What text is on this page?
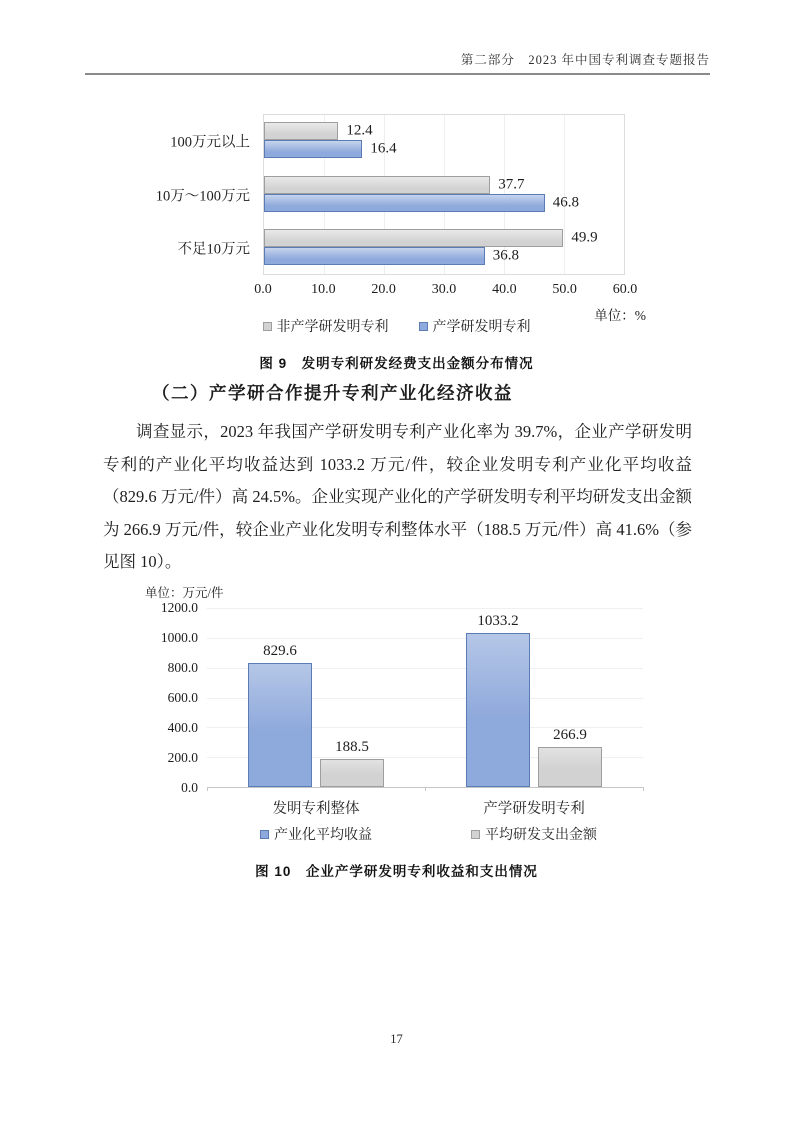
第二部分　2023 年中国专利调查专题报告
100万元以上
10万～100万元
不足10万元
12.4
16.4
37.7
46.8
49.9
36.8
0.0	10.0	20.0	30.0	40.0	50.0	60.0
单位：%
非产学研发明专利	产学研发明专利
图 9　发明专利研发经费支出金额分布情况
（二）产学研合作提升专利产业化经济收益

调查显示，2023 年我国产学研发明专利产业化率为 39.7%，企业产学研发明专利的产业化平均收益达到 1033.2 万元/件，较企业发明专利产业化平均收益（829.6 万元/件）高 24.5%。企业实现产业化的产学研发明专利平均研发支出金额为 266.9 万元/件，较企业产业化发明专利整体水平（188.5 万元/件）高 41.6%（参见图 10）。

单位：万元/件
1200.0
1000.0
800.0
600.0
400.0
200.0
0.0
829.6
188.5
1033.2
266.9
发明专利整体	产学研发明专利
产业化平均收益	平均研发支出金额
图 10　企业产学研发明专利收益和支出情况
17
